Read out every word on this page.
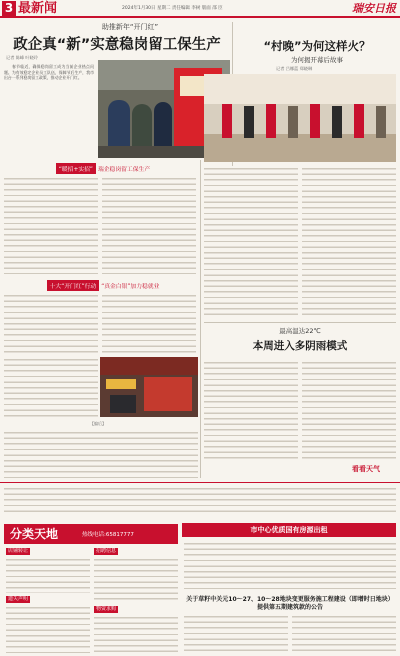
3 最新闻	2024年1月30日 星期二 责任编辑 李树 版面 邵 臣	瑞安日报
助推新年“开门红”
政企真“新”实意稳岗留工保生产
记者 陈峰 叶晓玲

春节临近，确保稳岗留工成为当前企业热点问题。为有效稳定企业员工队伍，保障节后生产，我市出台一系列稳岗留工政策，推动企业开门红。

“暖招+实招” 瑞企稳岗留工保生产
十大“开门红”行动 “真金白银”加力稳就业
【编后】
“村晚”为何这样火？
为何揭开幕后故事
记者 吕娜蓝 郑晓琳
最高温达22℃
本周进入多阴雨模式
看看天气
分类天地	热线电话:65817777
店铺转让
遗失声明
招聘信息
物资求购
市中心优质国有房源出租
关于草籽中关元10～27、10～28地块变更服务施工程建设（即增时日地块）提供第五期建筑款的公告
